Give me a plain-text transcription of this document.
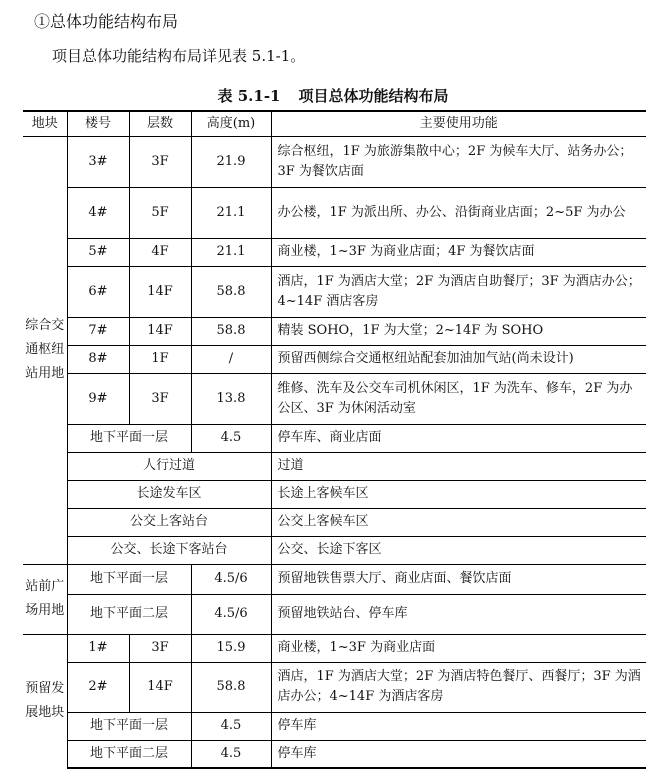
①总体功能结构布局
项目总体功能结构布局详见表 5.1-1。
表 5.1-1 项目总体功能结构布局
地块	楼号	层数	高度(m)	主要使用功能
综合交通枢纽站用地	3#	3F	21.9	综合枢纽，1F 为旅游集散中心；2F 为候车大厅、站务办公；3F 为餐饮店面
	4#	5F	21.1	办公楼，1F 为派出所、办公、沿街商业店面；2~5F 为办公
	5#	4F	21.1	商业楼，1~3F 为商业店面；4F 为餐饮店面
	6#	14F	58.8	酒店，1F 为酒店大堂；2F 为酒店自助餐厅；3F 为酒店办公；4~14F 酒店客房
	7#	14F	58.8	精装 SOHO，1F 为大堂；2~14F 为 SOHO
	8#	1F	/	预留西侧综合交通枢纽站配套加油加气站(尚未设计)
	9#	3F	13.8	维修、洗车及公交车司机休闲区，1F 为洗车、修车，2F 为办公区、3F 为休闲活动室
	地下平面一层		4.5	停车库、商业店面
	人行过道			过道
	长途发车区			长途上客候车区
	公交上客站台			公交上客候车区
	公交、长途下客站台			公交、长途下客区
站前广场用地	地下平面一层		4.5/6	预留地铁售票大厅、商业店面、餐饮店面
	地下平面二层		4.5/6	预留地铁站台、停车库
预留发展地块	1#	3F	15.9	商业楼，1~3F 为商业店面
	2#	14F	58.8	酒店，1F 为酒店大堂；2F 为酒店特色餐厅、西餐厅；3F 为酒店办公；4~14F 为酒店客房
	地下平面一层		4.5	停车库
	地下平面二层		4.5	停车库
